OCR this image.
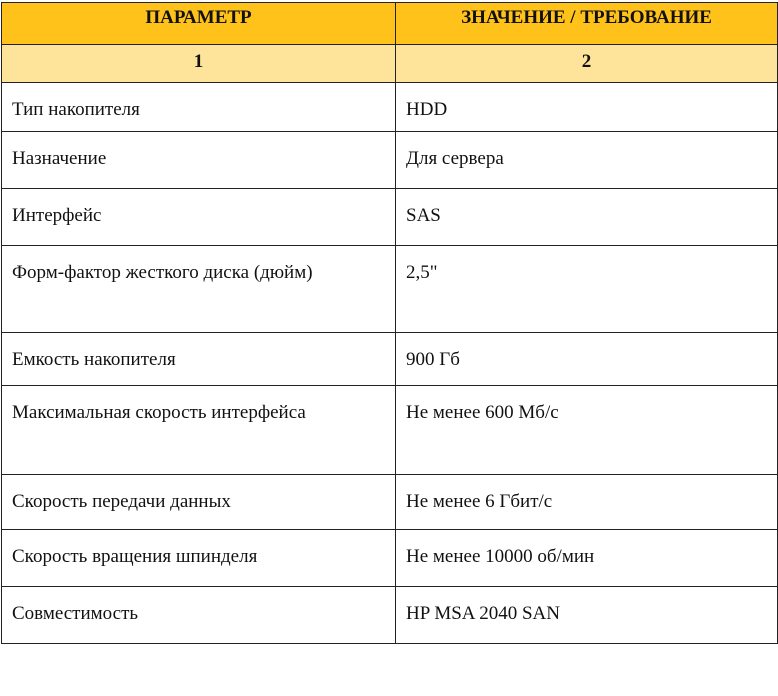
ПАРАМЕТР	ЗНАЧЕНИЕ / ТРЕБОВАНИЕ
1	2
Тип накопителя	HDD
Назначение	Для сервера
Интерфейс	SAS
Форм-фактор жесткого диска (дюйм)	2,5"
Емкость накопителя	900 Гб
Максимальная скорость интерфейса	Не менее 600 Мб/с
Скорость передачи данных	Не менее 6 Гбит/с
Скорость вращения шпинделя	Не менее 10000 об/мин
Совместимость	HP MSA 2040 SAN
